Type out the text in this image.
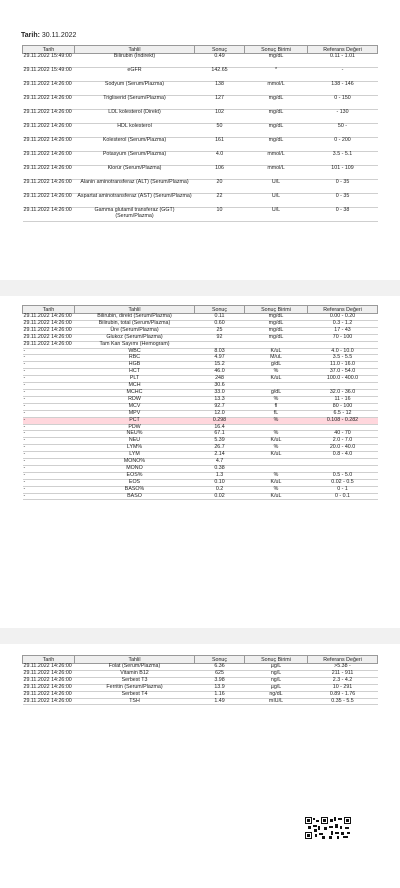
Tarih: 30.11.2022
Tarih	Tahlil	Sonuç	Sonuç Birimi	Referans Değeri
29.11.2022 15:49:00	Bilirubin (İndirekt)	0.49	mg/dL	0.11 - 1.01
29.11.2022 15:49:00	eGFR	142.65	*	-
29.11.2022 14:26:00	Sodyum (Serum/Plazma)	138	mmol/L	138 - 146
29.11.2022 14:26:00	Trigliserid (Serum/Plazma)	127	mg/dL	0 - 150
29.11.2022 14:26:00	LDL kolesterol (Direkt)	102	mg/dL	- 130
29.11.2022 14:26:00	HDL kolesterol	50	mg/dL	50 -
29.11.2022 14:26:00	Kolesterol (Serum/Plazma)	161	mg/dL	0 - 200
29.11.2022 14:26:00	Potasyum (Serum/Plazma)	4.0	mmol/L	3.5 - 5.1
29.11.2022 14:26:00	Klorür (Serum/Plazma)	106	mmol/L	101 - 109
29.11.2022 14:26:00	Alanin aminotransferaz (ALT) (Serum/Plazma)	20	U/L	0 - 35
29.11.2022 14:26:00	Aspartat aminotransferaz (AST) (Serum/Plazma)	22	U/L	0 - 35
29.11.2022 14:26:00	Gamma glutamil transferaz (GGT) (Serum/Plazma)	10	U/L	0 - 38
Tarih	Tahlil	Sonuç	Sonuç Birimi	Referans Değeri
29.11.2022 14:26:00	Bilirubin, direkt (Serum/Plazma)	0.11	mg/dL	0.00 - 0.20
29.11.2022 14:26:00	Bilirubin, total (Serum/Plazma)	0.60	mg/dL	0.3 - 1.2
29.11.2022 14:26:00	Üre (Serum/Plazma)	25	mg/dL	17 - 43
29.11.2022 14:26:00	Glukoz (Serum/Plazma)	92	mg/dL	70 - 100
29.11.2022 14:26:00	Tam Kan Sayımı (Hemogram)			
-	WBC	8.03	K/uL	4.0 - 10.0
-	RBC	4.97	M/uL	3.5 - 5.5
-	HGB	15.2	g/dL	11.0 - 16.0
-	HCT	46.0	%	37.0 - 54.0
-	PLT	248	K/uL	100.0 - 400.0
-	MCH	30.6		
-	MCHC	33.0	g/dL	32.0 - 36.0
-	RDW	13.3	%	11 - 16
-	MCV	92.7	fl	80 - 100
-	MPV	12.0	fL	6.5 - 12
-	PCT	0.298	%	0.108 - 0.282
-	PDW	16.4		
-	NEU%	67.1	%	40 - 70
-	NEU	5.39	K/uL	2.0 - 7.0
-	LYM%	26.7	%	20.0 - 40.0
-	LYM	2.14	K/uL	0.8 - 4.0
-	MONO%	4.7		
-	MONO	0.38		
-	EOS%	1.3	%	0.5 - 5.0
-	EOS	0.10	K/uL	0.02 - 0.5
-	BASO%	0.2	%	0 - 1
-	BASO	0.02	K/uL	0 - 0.1
Tarih	Tahlil	Sonuç	Sonuç Birimi	Referans Değeri
29.11.2022 14:26:00	Folat (Serum/Plazma)	6.36	µg/L	>5.38 -
29.11.2022 14:26:00	Vitamin B12	625	ng/L	211 - 911
29.11.2022 14:26:00	Serbest T3	3.98	ng/L	2.3 - 4.2
29.11.2022 14:26:00	Ferritin (Serum/Plazma)	13.9	µg/L	10 - 291
29.11.2022 14:26:00	Serbest T4	1.16	ng/dL	0.89 - 1.76
29.11.2022 14:26:00	TSH	1.49	mIU/L	0.35 - 5.5
